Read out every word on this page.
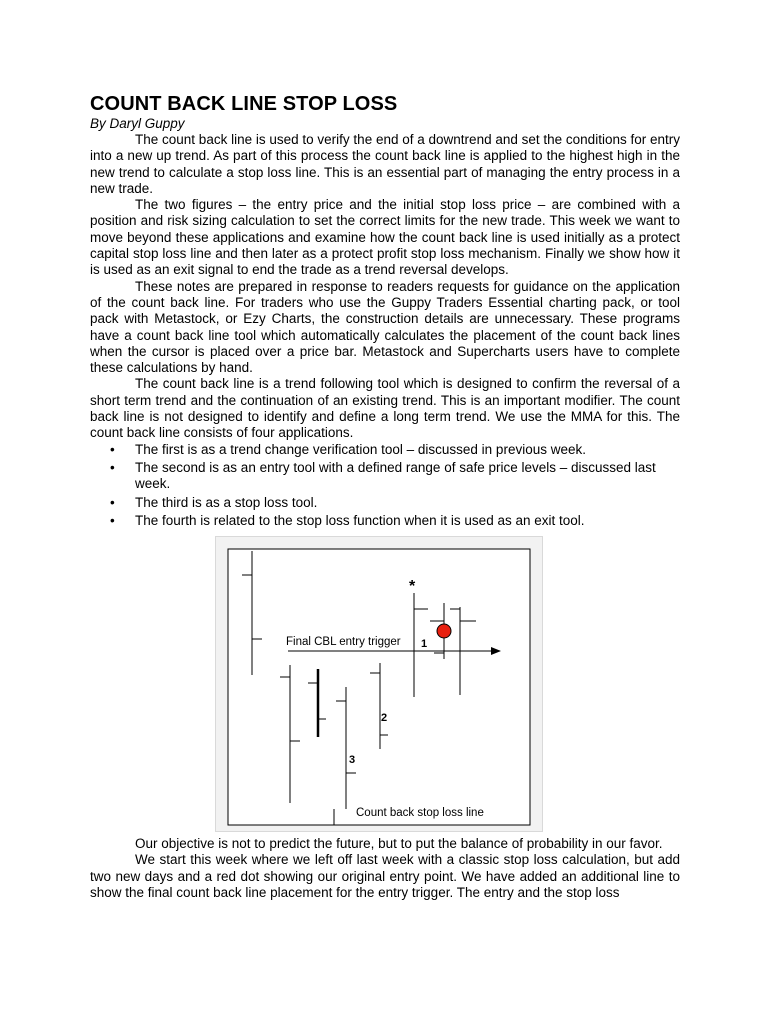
COUNT BACK LINE STOP LOSS
By Daryl Guppy

The count back line is used to verify the end of a downtrend and set the conditions for entry into a new up trend. As part of this process the count back line is applied to the highest high in the new trend to calculate a stop loss line. This is an essential part of managing the entry process in a new trade.

The two figures – the entry price and the initial stop loss price – are combined with a position and risk sizing calculation to set the correct limits for the new trade. This week we want to move beyond these applications and examine how the count back line is used initially as a protect capital stop loss line and then later as a protect profit stop loss mechanism. Finally we show how it is used as an exit signal to end the trade as a trend reversal develops.

These notes are prepared in response to readers requests for guidance on the application of the count back line. For traders who use the Guppy Traders Essential charting pack, or tool pack with Metastock, or Ezy Charts, the construction details are unnecessary. These programs have a count back line tool which automatically calculates the placement of the count back lines when the cursor is placed over a price bar. Metastock and Supercharts users have to complete these calculations by hand.

The count back line is a trend following tool which is designed to confirm the reversal of a short term trend and the continuation of an existing trend. This is an important modifier. The count back line is not designed to identify and define a long term trend. We use the MMA for this. The count back line consists of four applications.

• The first is as a trend change verification tool – discussed in previous week.
• The second is as an entry tool with a defined range of safe price levels – discussed last week.
• The third is as a stop loss tool.
• The fourth is related to the stop loss function when it is used as an exit tool.
Final CBL entry trigger
Count back stop loss line
1
2
3
*

Our objective is not to predict the future, but to put the balance of probability in our favor.

We start this week where we left off last week with a classic stop loss calculation, but add two new days and a red dot showing our original entry point. We have added an additional line to show the final count back line placement for the entry trigger. The entry and the stop loss
